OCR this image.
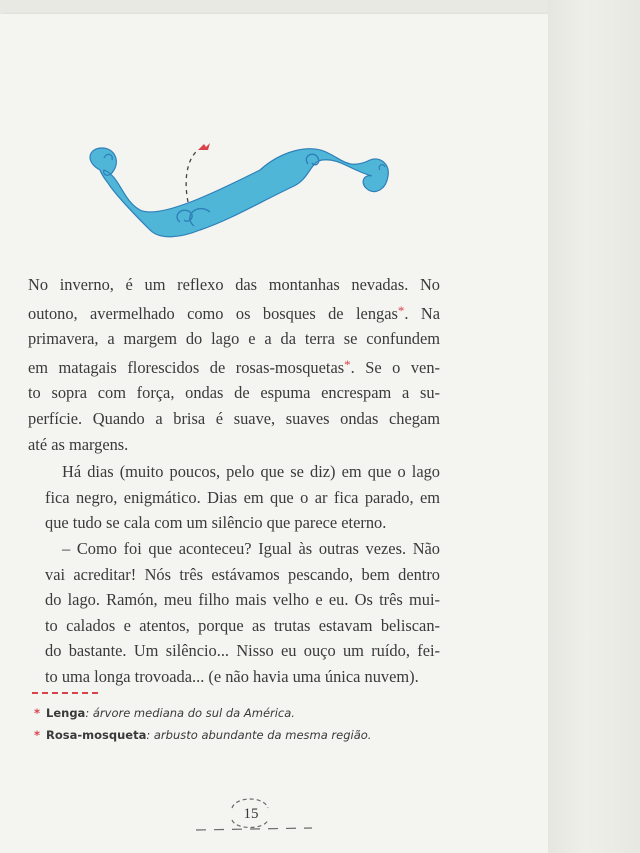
No inverno, é um reflexo das montanhas nevadas. No
outono, avermelhado como os bosques de lengas*. Na
primavera, a margem do lago e a da terra se confundem
em matagais florescidos de rosas-mosquetas*. Se o ven-
to sopra com força, ondas de espuma encrespam a su-
perfície. Quando a brisa é suave, suaves ondas chegam
até as margens.

Há dias (muito poucos, pelo que se diz) em que o lago
fica negro, enigmático. Dias em que o ar fica parado, em
que tudo se cala com um silêncio que parece eterno.

– Como foi que aconteceu? Igual às outras vezes. Não
vai acreditar! Nós três estávamos pescando, bem dentro
do lago. Ramón, meu filho mais velho e eu. Os três mui-
to calados e atentos, porque as trutas estavam beliscan-
do bastante. Um silêncio... Nisso eu ouço um ruído, fei-
to uma longa trovoada... (e não havia uma única nuvem).

* Lenga: árvore mediana do sul da América.
* Rosa-mosqueta: arbusto abundante da mesma região.
15
